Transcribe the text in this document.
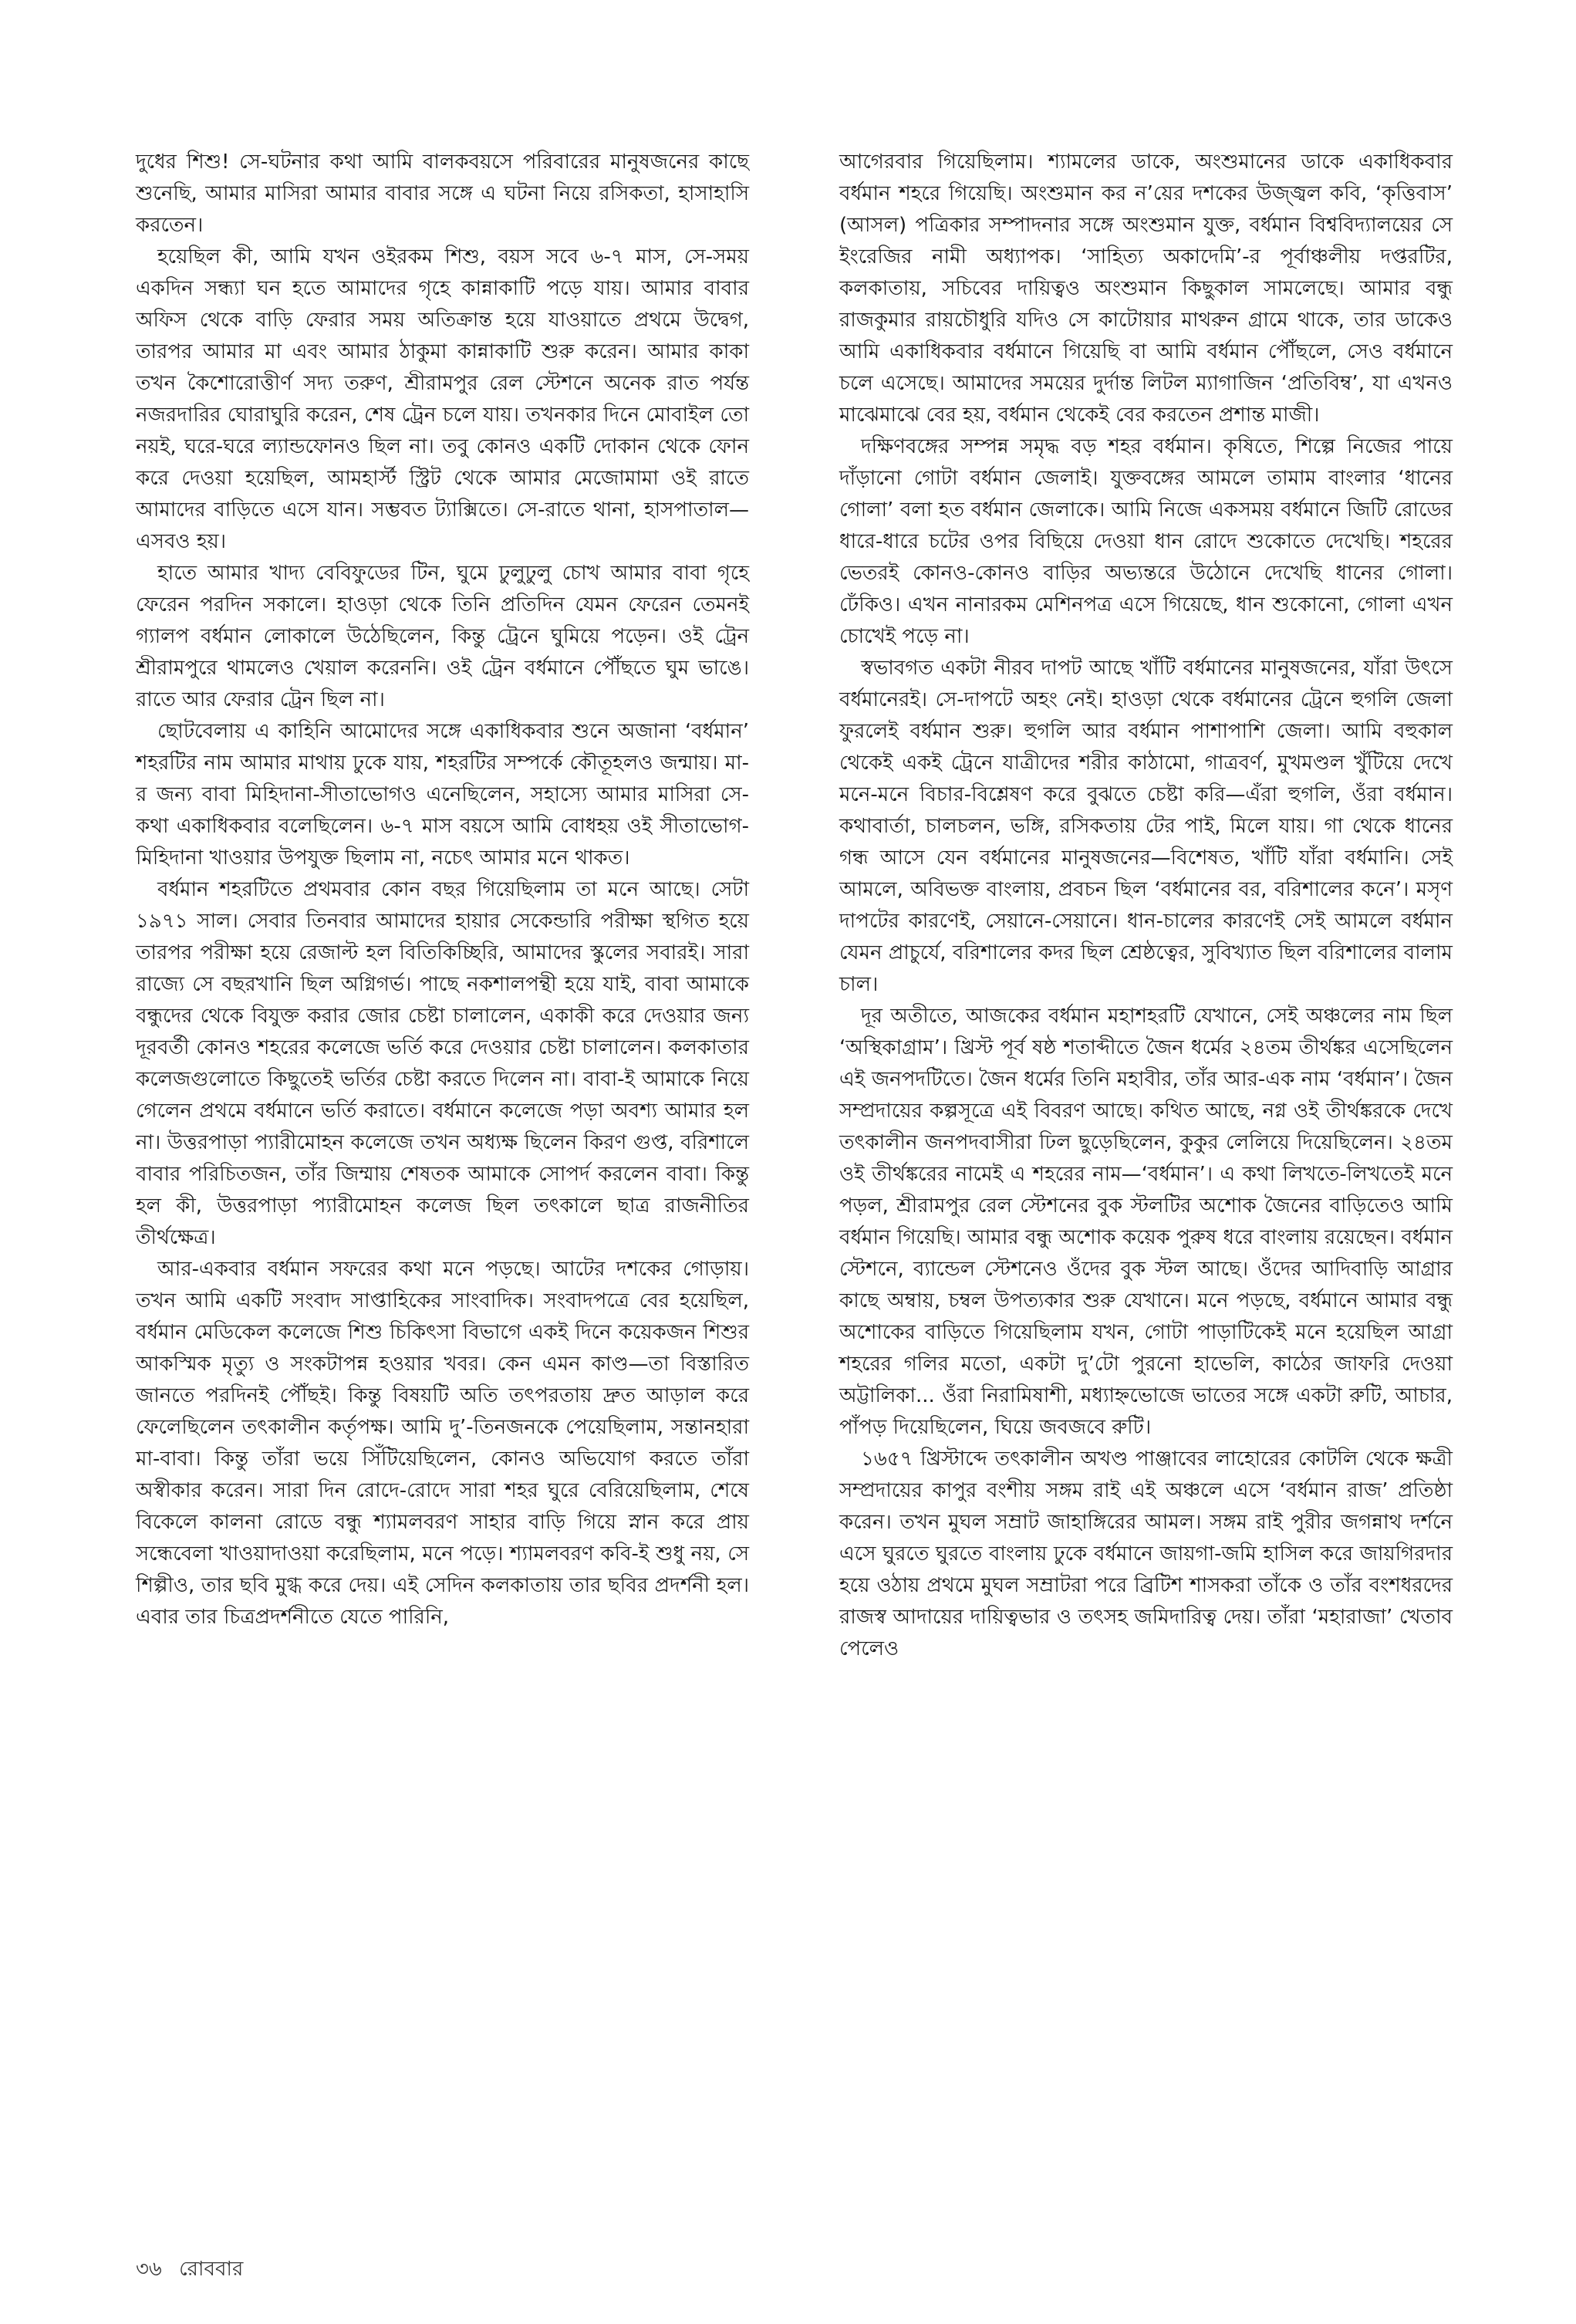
দুধের শিশু! সে-ঘটনার কথা আমি বালকবয়সে পরিবারের মানুষজনের কাছে শুনেছি, আমার মাসিরা আমার বাবার সঙ্গে এ ঘটনা নিয়ে রসিকতা, হাসাহাসি করতেন।

হয়েছিল কী, আমি যখন ওইরকম শিশু, বয়স সবে ৬-৭ মাস, সে-সময় একদিন সন্ধ্যা ঘন হতে আমাদের গৃহে কান্নাকাটি পড়ে যায়। আমার বাবার অফিস থেকে বাড়ি ফেরার সময় অতিক্রান্ত হয়ে যাওয়াতে প্রথমে উদ্বেগ, তারপর আমার মা এবং আমার ঠাকুমা কান্নাকাটি শুরু করেন। আমার কাকা তখন কৈশোরোত্তীর্ণ সদ্য তরুণ, শ্রীরামপুর রেল স্টেশনে অনেক রাত পর্যন্ত নজরদারির ঘোরাঘুরি করেন, শেষ ট্রেন চলে যায়। তখনকার দিনে মোবাইল তো নয়ই, ঘরে-ঘরে ল্যান্ডফোনও ছিল না। তবু কোনও একটি দোকান থেকে ফোন করে দেওয়া হয়েছিল, আমহার্স্ট স্ট্রিট থেকে আমার মেজোমামা ওই রাতে আমাদের বাড়িতে এসে যান। সম্ভবত ট্যাক্সিতে। সে-রাতে থানা, হাসপাতাল—এসবও হয়।

হাতে আমার খাদ্য বেবিফুডের টিন, ঘুমে ঢুলুঢুলু চোখ আমার বাবা গৃহে ফেরেন পরদিন সকালে। হাওড়া থেকে তিনি প্রতিদিন যেমন ফেরেন তেমনই গ্যালপ বর্ধমান লোকালে উঠেছিলেন, কিন্তু ট্রেনে ঘুমিয়ে পড়েন। ওই ট্রেন শ্রীরামপুরে থামলেও খেয়াল করেননি। ওই ট্রেন বর্ধমানে পৌঁছতে ঘুম ভাঙে। রাতে আর ফেরার ট্রেন ছিল না।

ছোটবেলায় এ কাহিনি আমোদের সঙ্গে একাধিকবার শুনে অজানা ‘বর্ধমান’ শহরটির নাম আমার মাথায় ঢুকে যায়, শহরটির সম্পর্কে কৌতূহলও জন্মায়। মা-র জন্য বাবা মিহিদানা-সীতাভোগও এনেছিলেন, সহাস্যে আমার মাসিরা সে-কথা একাধিকবার বলেছিলেন। ৬-৭ মাস বয়সে আমি বোধহয় ওই সীতাভোগ-মিহিদানা খাওয়ার উপযুক্ত ছিলাম না, নচেৎ আমার মনে থাকত।

বর্ধমান শহরটিতে প্রথমবার কোন বছর গিয়েছিলাম তা মনে আছে। সেটা ১৯৭১ সাল। সেবার তিনবার আমাদের হায়ার সেকেন্ডারি পরীক্ষা স্থগিত হয়ে তারপর পরীক্ষা হয়ে রেজাল্ট হল বিতিকিচ্ছিরি, আমাদের স্কুলের সবারই। সারা রাজ্যে সে বছরখানি ছিল অগ্নিগর্ভ। পাছে নকশালপন্থী হয়ে যাই, বাবা আমাকে বন্ধুদের থেকে বিযুক্ত করার জোর চেষ্টা চালালেন, একাকী করে দেওয়ার জন্য দূরবর্তী কোনও শহরের কলেজে ভর্তি করে দেওয়ার চেষ্টা চালালেন। কলকাতার কলেজগুলোতে কিছুতেই ভর্তির চেষ্টা করতে দিলেন না। বাবা-ই আমাকে নিয়ে গেলেন প্রথমে বর্ধমানে ভর্তি করাতে। বর্ধমানে কলেজে পড়া অবশ্য আমার হল না। উত্তরপাড়া প্যারীমোহন কলেজে তখন অধ্যক্ষ ছিলেন কিরণ গুপ্ত, বরিশালে বাবার পরিচিতজন, তাঁর জিম্মায় শেষতক আমাকে সোপর্দ করলেন বাবা। কিন্তু হল কী, উত্তরপাড়া প্যারীমোহন কলেজ ছিল তৎকালে ছাত্র রাজনীতির তীর্থক্ষেত্র।

আর-একবার বর্ধমান সফরের কথা মনে পড়ছে। আটের দশকের গোড়ায়। তখন আমি একটি সংবাদ সাপ্তাহিকের সাংবাদিক। সংবাদপত্রে বের হয়েছিল, বর্ধমান মেডিকেল কলেজে শিশু চিকিৎসা বিভাগে একই দিনে কয়েকজন শিশুর আকস্মিক মৃত্যু ও সংকটাপন্ন হওয়ার খবর। কেন এমন কাণ্ড—তা বিস্তারিত জানতে পরদিনই পৌঁছই। কিন্তু বিষয়টি অতি তৎপরতায় দ্রুত আড়াল করে ফেলেছিলেন তৎকালীন কর্তৃপক্ষ। আমি দু’-তিনজনকে পেয়েছিলাম, সন্তানহারা মা-বাবা। কিন্তু তাঁরা ভয়ে সিঁটিয়েছিলেন, কোনও অভিযোগ করতে তাঁরা অস্বীকার করেন। সারা দিন রোদে-রোদে সারা শহর ঘুরে বেরিয়েছিলাম, শেষে বিকেলে কালনা রোডে বন্ধু শ্যামলবরণ সাহার বাড়ি গিয়ে স্নান করে প্রায় সন্ধেবেলা খাওয়াদাওয়া করেছিলাম, মনে পড়ে। শ্যামলবরণ কবি-ই শুধু নয়, সে শিল্পীও, তার ছবি মুগ্ধ করে দেয়। এই সেদিন কলকাতায় তার ছবির প্রদর্শনী হল। এবার তার চিত্রপ্রদর্শনীতে যেতে পারিনি,

আগেরবার গিয়েছিলাম। শ্যামলের ডাকে, অংশুমানের ডাকে একাধিকবার বর্ধমান শহরে গিয়েছি। অংশুমান কর ন’য়ের দশকের উজ্জ্বল কবি, ‘কৃত্তিবাস’ (আসল) পত্রিকার সম্পাদনার সঙ্গে অংশুমান যুক্ত, বর্ধমান বিশ্ববিদ্যালয়ের সে ইংরেজির নামী অধ্যাপক। ‘সাহিত্য অকাদেমি’-র পূর্বাঞ্চলীয় দপ্তরটির, কলকাতায়, সচিবের দায়িত্বও অংশুমান কিছুকাল সামলেছে। আমার বন্ধু রাজকুমার রায়চৌধুরি যদিও সে কাটোয়ার মাথরুন গ্রামে থাকে, তার ডাকেও আমি একাধিকবার বর্ধমানে গিয়েছি বা আমি বর্ধমান পৌঁছলে, সেও বর্ধমানে চলে এসেছে। আমাদের সময়ের দুর্দান্ত লিটল ম্যাগাজিন ‘প্রতিবিম্ব’, যা এখনও মাঝেমাঝে বের হয়, বর্ধমান থেকেই বের করতেন প্রশান্ত মাজী।

দক্ষিণবঙ্গের সম্পন্ন সমৃদ্ধ বড় শহর বর্ধমান। কৃষিতে, শিল্পে নিজের পায়ে দাঁড়ানো গোটা বর্ধমান জেলাই। যুক্তবঙ্গের আমলে তামাম বাংলার ‘ধানের গোলা’ বলা হত বর্ধমান জেলাকে। আমি নিজে একসময় বর্ধমানে জিটি রোডের ধারে-ধারে চটের ওপর বিছিয়ে দেওয়া ধান রোদে শুকোতে দেখেছি। শহরের ভেতরই কোনও-কোনও বাড়ির অভ্যন্তরে উঠোনে দেখেছি ধানের গোলা। ঢেঁকিও। এখন নানারকম মেশিনপত্র এসে গিয়েছে, ধান শুকোনো, গোলা এখন চোখেই পড়ে না।

স্বভাবগত একটা নীরব দাপট আছে খাঁটি বর্ধমানের মানুষজনের, যাঁরা উৎসে বর্ধমানেরই। সে-দাপটে অহং নেই। হাওড়া থেকে বর্ধমানের ট্রেনে হুগলি জেলা ফুরলেই বর্ধমান শুরু। হুগলি আর বর্ধমান পাশাপাশি জেলা। আমি বহুকাল থেকেই একই ট্রেনে যাত্রীদের শরীর কাঠামো, গাত্রবর্ণ, মুখমণ্ডল খুঁটিয়ে দেখে মনে-মনে বিচার-বিশ্লেষণ করে বুঝতে চেষ্টা করি—এঁরা হুগলি, ওঁরা বর্ধমান। কথাবার্তা, চালচলন, ভঙ্গি, রসিকতায় টের পাই, মিলে যায়। গা থেকে ধানের গন্ধ আসে যেন বর্ধমানের মানুষজনের—বিশেষত, খাঁটি যাঁরা বর্ধমানি। সেই আমলে, অবিভক্ত বাংলায়, প্রবচন ছিল ‘বর্ধমানের বর, বরিশালের কনে’। মসৃণ দাপটের কারণেই, সেয়ানে-সেয়ানে। ধান-চালের কারণেই সেই আমলে বর্ধমান যেমন প্রাচুর্যে, বরিশালের কদর ছিল শ্রেষ্ঠত্বের, সুবিখ্যাত ছিল বরিশালের বালাম চাল।

দূর অতীতে, আজকের বর্ধমান মহাশহরটি যেখানে, সেই অঞ্চলের নাম ছিল ‘অস্থিকাগ্রাম’। খ্রিস্ট পূর্ব ষষ্ঠ শতাব্দীতে জৈন ধর্মের ২৪তম তীর্থঙ্কর এসেছিলেন এই জনপদটিতে। জৈন ধর্মের তিনি মহাবীর, তাঁর আর-এক নাম ‘বর্ধমান’। জৈন সম্প্রদায়ের কল্পসূত্রে এই বিবরণ আছে। কথিত আছে, নগ্ন ওই তীর্থঙ্করকে দেখে তৎকালীন জনপদবাসীরা ঢিল ছুড়েছিলেন, কুকুর লেলিয়ে দিয়েছিলেন। ২৪তম ওই তীর্থঙ্করের নামেই এ শহরের নাম—‘বর্ধমান’। এ কথা লিখতে-লিখতেই মনে পড়ল, শ্রীরামপুর রেল স্টেশনের বুক স্টলটির অশোক জৈনের বাড়িতেও আমি বর্ধমান গিয়েছি। আমার বন্ধু অশোক কয়েক পুরুষ ধরে বাংলায় রয়েছেন। বর্ধমান স্টেশনে, ব্যান্ডেল স্টেশনেও ওঁদের বুক স্টল আছে। ওঁদের আদিবাড়ি আগ্রার কাছে অম্বায়, চম্বল উপত্যকার শুরু যেখানে। মনে পড়ছে, বর্ধমানে আমার বন্ধু অশোকের বাড়িতে গিয়েছিলাম যখন, গোটা পাড়াটিকেই মনে হয়েছিল আগ্রা শহরের গলির মতো, একটা দু’টো পুরনো হাভেলি, কাঠের জাফরি দেওয়া অট্টালিকা... ওঁরা নিরামিষাশী, মধ্যাহ্নভোজে ভাতের সঙ্গে একটা রুটি, আচার, পাঁপড় দিয়েছিলেন, ঘিয়ে জবজবে রুটি।

১৬৫৭ খ্রিস্টাব্দে তৎকালীন অখণ্ড পাঞ্জাবের লাহোরের কোটলি থেকে ক্ষত্রী সম্প্রদায়ের কাপুর বংশীয় সঙ্গম রাই এই অঞ্চলে এসে ‘বর্ধমান রাজ’ প্রতিষ্ঠা করেন। তখন মুঘল সম্রাট জাহাঙ্গিরের আমল। সঙ্গম রাই পুরীর জগন্নাথ দর্শনে এসে ঘুরতে ঘুরতে বাংলায় ঢুকে বর্ধমানে জায়গা-জমি হাসিল করে জায়গিরদার হয়ে ওঠায় প্রথমে মুঘল সম্রাটরা পরে ব্রিটিশ শাসকরা তাঁকে ও তাঁর বংশধরদের রাজস্ব আদায়ের দায়িত্বভার ও তৎসহ জমিদারিত্ব দেয়। তাঁরা ‘মহারাজা’ খেতাব পেলেও

৩৬ রোববার
